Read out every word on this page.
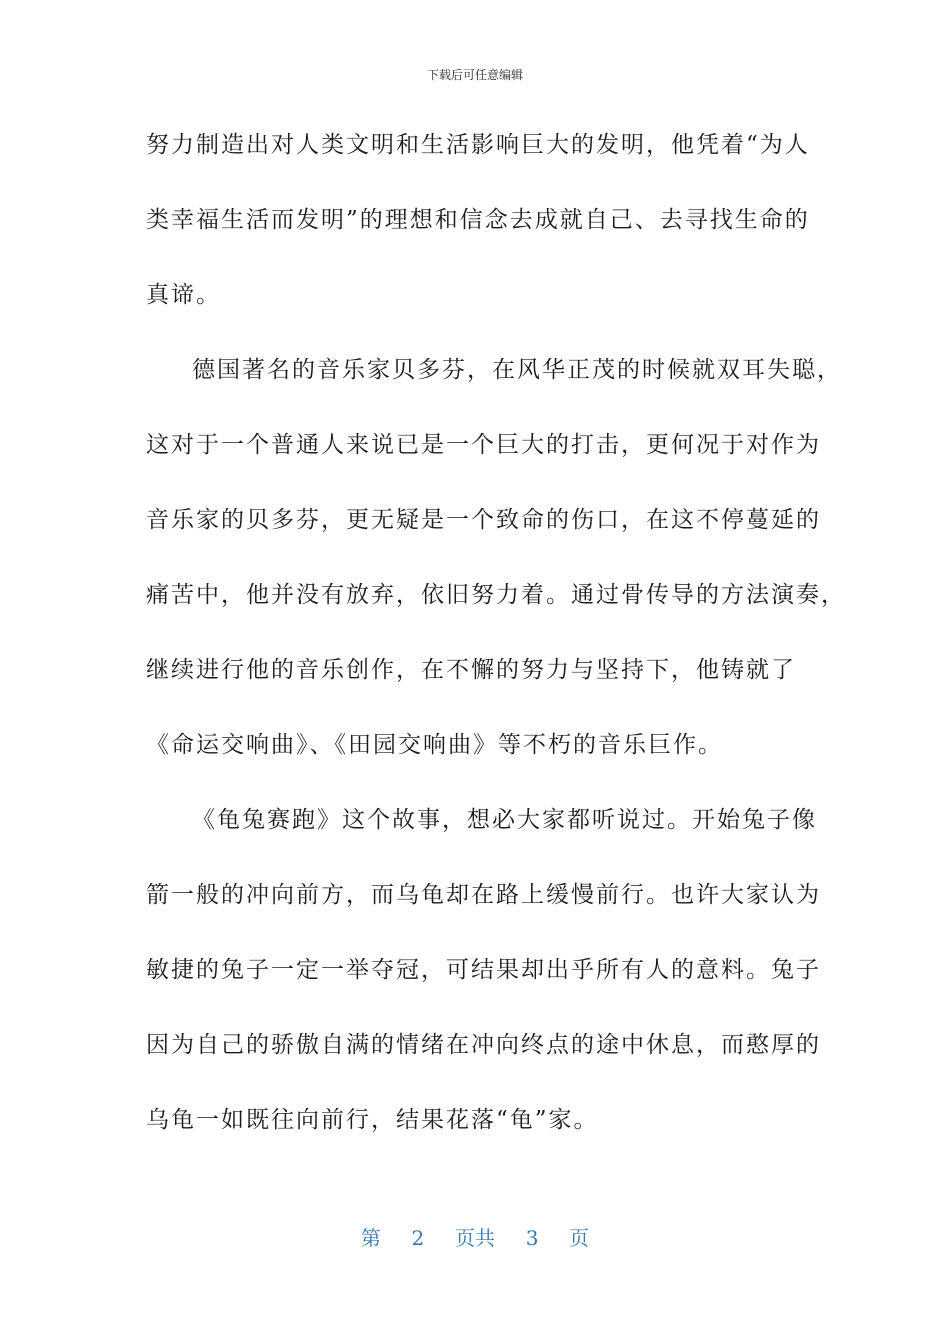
下载后可任意编辑
努力制造出对人类文明和生活影响巨大的发明，他凭着“为人
类幸福生活而发明”的理想和信念去成就自己、去寻找生命的
真谛。
德国著名的音乐家贝多芬，在风华正茂的时候就双耳失聪，
这对于一个普通人来说已是一个巨大的打击，更何况于对作为
音乐家的贝多芬，更无疑是一个致命的伤口，在这不停蔓延的
痛苦中，他并没有放弃，依旧努力着。通过骨传导的方法演奏，
继续进行他的音乐创作，在不懈的努力与坚持下，他铸就了
《命运交响曲》、《田园交响曲》等不朽的音乐巨作。
《龟兔赛跑》这个故事，想必大家都听说过。开始兔子像
箭一般的冲向前方，而乌龟却在路上缓慢前行。也许大家认为
敏捷的兔子一定一举夺冠，可结果却出乎所有人的意料。兔子
因为自己的骄傲自满的情绪在冲向终点的途中休息，而憨厚的
乌龟一如既往向前行，结果花落“龟”家。
第 2 页共 3 页
